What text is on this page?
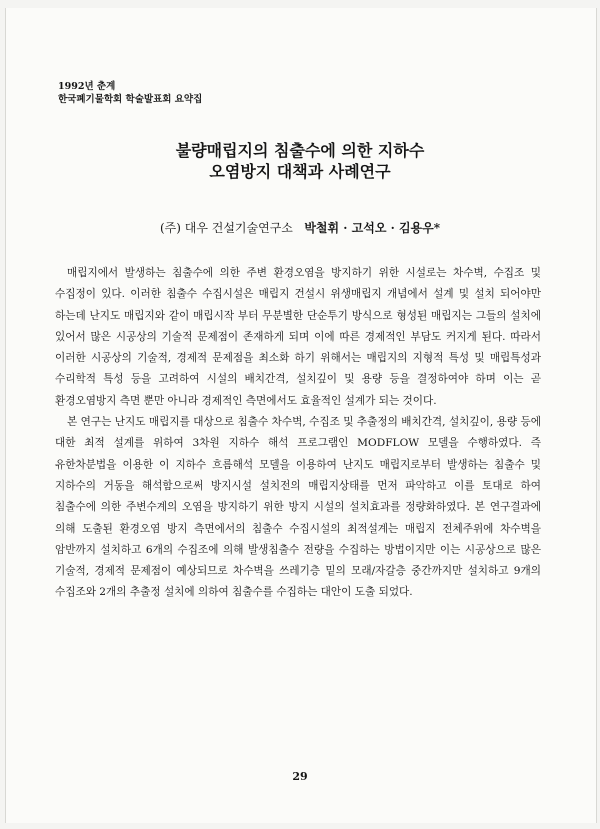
1992년 춘계
한국폐기물학회 학술발표회 요약집
불량매립지의 침출수에 의한 지하수
오염방지 대책과 사례연구
(주) 대우 건설기술연구소 박철휘 · 고석오 · 김용우*

매립지에서 발생하는 침출수에 의한 주변 환경오염을 방지하기 위한 시설로는 차수벽, 수집조 및 수집정이 있다. 이러한 침출수 수집시설은 매립지 건설시 위생매립지 개념에서 설계 및 설치 되어야만 하는데 난지도 매립지와 같이 매립시작 부터 무분별한 단순투기 방식으로 형성된 매립지는 그들의 설치에 있어서 많은 시공상의 기술적 문제점이 존재하게 되며 이에 따른 경제적인 부담도 커지게 된다. 따라서 이러한 시공상의 기술적, 경제적 문제점을 최소화 하기 위해서는 매립지의 지형적 특성 및 매립특성과 수리학적 특성 등을 고려하여 시설의 배치간격, 설치깊이 및 용량 등을 결정하여야 하며 이는 곧 환경오염방지 측면 뿐만 아니라 경제적인 측면에서도 효율적인 설계가 되는 것이다.

본 연구는 난지도 매립지를 대상으로 침출수 차수벽, 수집조 및 추출정의 배치간격, 설치깊이, 용량 등에 대한 최적 설계를 위하여 3차원 지하수 해석 프로그램인 MODFLOW 모델을 수행하였다. 즉 유한차분법을 이용한 이 지하수 흐름해석 모델을 이용하여 난지도 매립지로부터 발생하는 침출수 및 지하수의 거동을 해석함으로써 방지시설 설치전의 매립지상태를 먼저 파악하고 이를 토대로 하여 침출수에 의한 주변수계의 오염을 방지하기 위한 방지 시설의 설치효과를 정량화하였다. 본 연구결과에 의해 도출된 환경오염 방지 측면에서의 침출수 수집시설의 최적설계는 매립지 전체주위에 차수벽을 암반까지 설치하고 6개의 수집조에 의해 발생침출수 전량을 수집하는 방법이지만 이는 시공상으로 많은 기술적, 경제적 문제점이 예상되므로 차수벽을 쓰레기층 밑의 모래/자갈층 중간까지만 설치하고 9개의 수집조와 2개의 추출정 설치에 의하여 침출수를 수집하는 대안이 도출 되었다.

29
